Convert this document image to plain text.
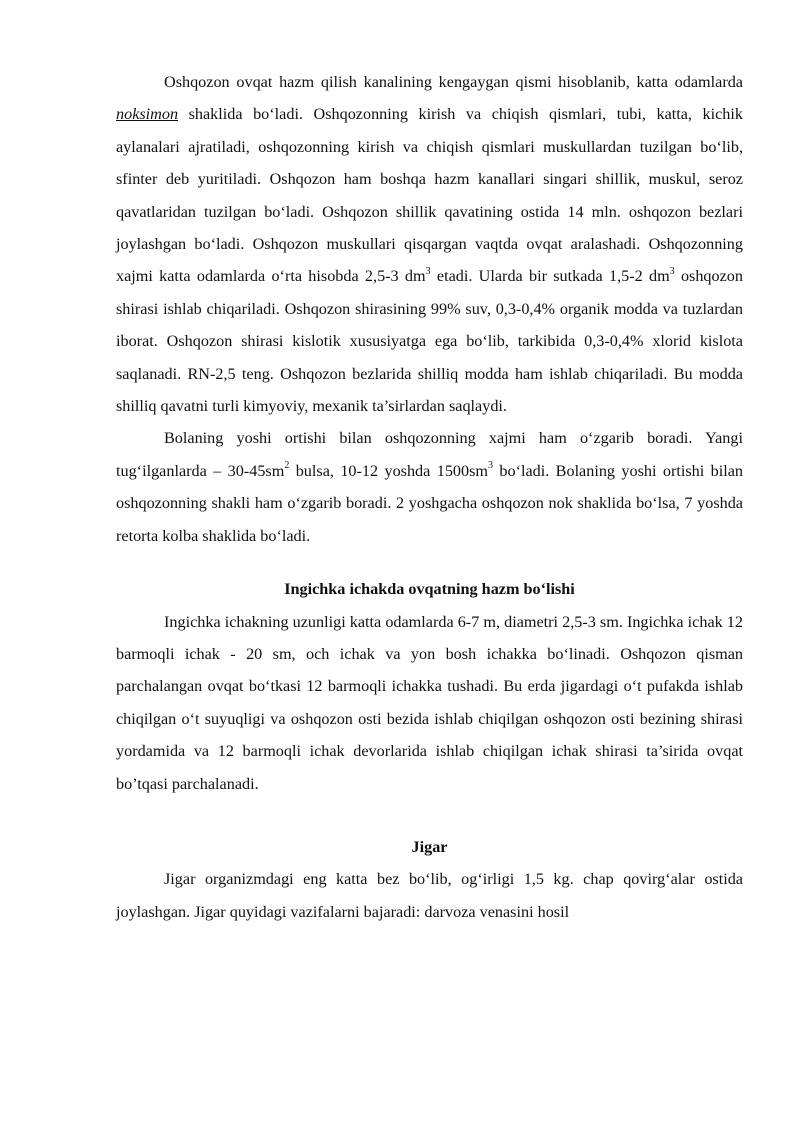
Oshqozon ovqat hazm qilish kanalining kengaygan qismi hisoblanib, katta odamlarda noksimon shaklida bo‘ladi. Oshqozonning kirish va chiqish qismlari, tubi, katta, kichik aylanalari ajratiladi, oshqozonning kirish va chiqish qismlari muskullardan tuzilgan bo‘lib, sfinter deb yuritiladi. Oshqozon ham boshqa hazm kanallari singari shillik, muskul, seroz qavatlaridan tuzilgan bo‘ladi. Oshqozon shillik qavatining ostida 14 mln. oshqozon bezlari joylashgan bo‘ladi. Oshqozon muskullari qisqargan vaqtda ovqat aralashadi. Oshqozonning xajmi katta odamlarda o‘rta hisobda 2,5-3 $dm^3$ etadi. Ularda bir sutkada 1,5-2 $dm^3$ oshqozon shirasi ishlab chiqariladi. Oshqozon shirasining 99% suv, 0,3-0,4% organik modda va tuzlardan iborat. Oshqozon shirasi kislotik xususiyatga ega bo‘lib, tarkibida 0,3-0,4% xlorid kislota saqlanadi. RN-2,5 teng. Oshqozon bezlarida shilliq modda ham ishlab chiqariladi. Bu modda shilliq qavatni turli kimyoviy, mexanik ta’sirlardan saqlaydi.

Bolaning yoshi ortishi bilan oshqozonning xajmi ham o‘zgarib boradi. Yangi tug‘ilganlarda – $30-45sm^2$ bulsa, 10-12 yoshda $1500sm^3$ bo‘ladi. Bolaning yoshi ortishi bilan oshqozonning shakli ham o‘zgarib boradi. 2 yoshgacha oshqozon nok shaklida bo‘lsa, 7 yoshda retorta kolba shaklida bo‘ladi.

Ingichka ichakda ovqatning hazm bo‘lishi

Ingichka ichakning uzunligi katta odamlarda 6-7 m, diametri 2,5-3 sm. Ingichka ichak 12 barmoqli ichak - 20 sm, och ichak va yon bosh ichakka bo‘linadi. Oshqozon qisman parchalangan ovqat bo‘tkasi 12 barmoqli ichakka tushadi. Bu erda jigardagi o‘t pufakda ishlab chiqilgan o‘t suyuqligi va oshqozon osti bezida ishlab chiqilgan oshqozon osti bezining shirasi yordamida va 12 barmoqli ichak devorlarida ishlab chiqilgan ichak shirasi ta’sirida ovqat bo’tqasi parchalanadi.

Jigar

Jigar organizmdagi eng katta bez bo‘lib, og‘irligi 1,5 kg. chap qovirg‘alar ostida joylashgan. Jigar quyidagi vazifalarni bajaradi: darvoza venasini hosil
